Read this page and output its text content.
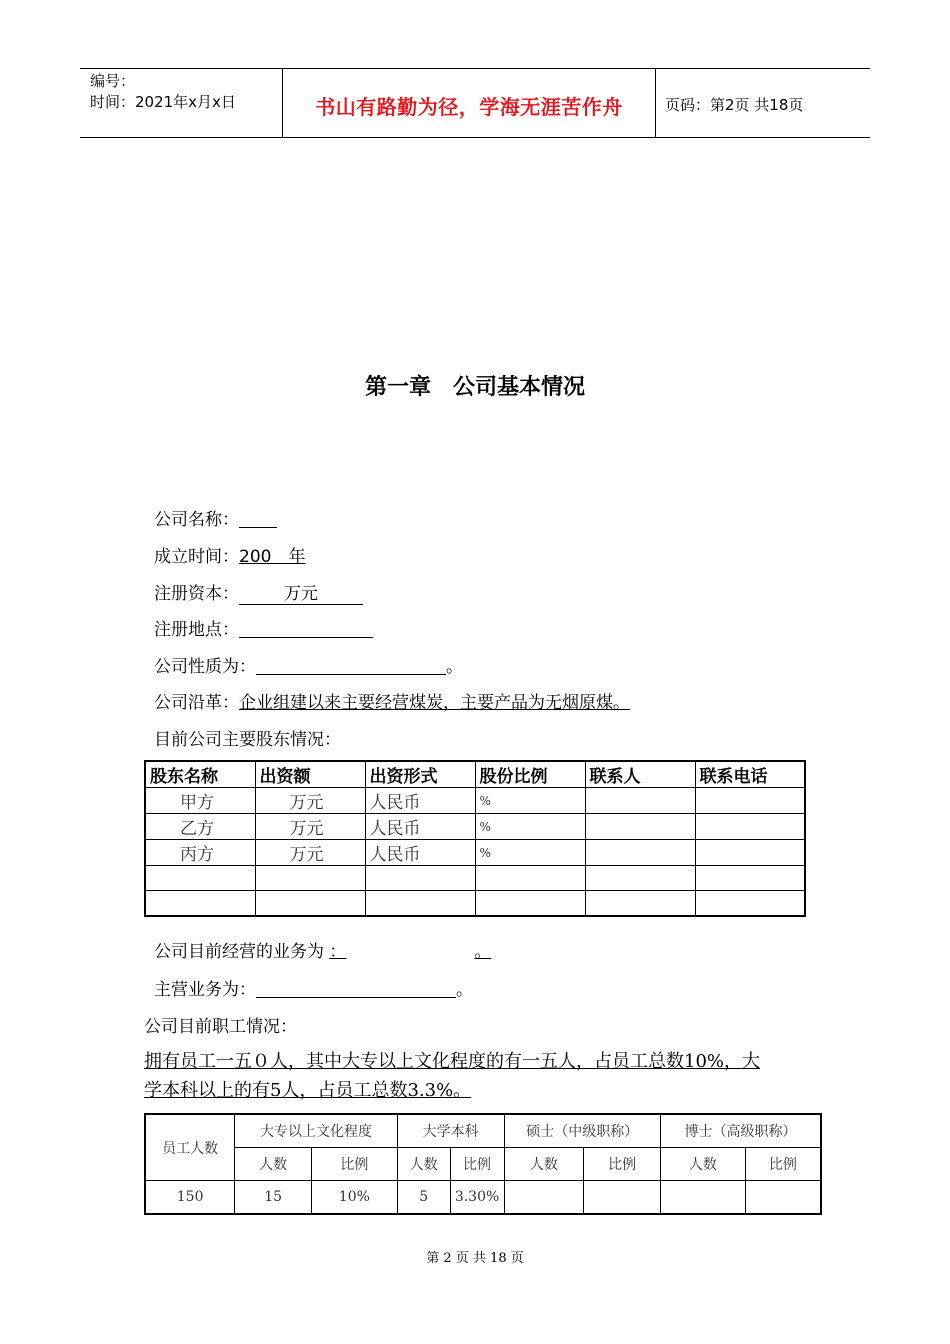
编号：
时间：2021年x月x日	书山有路勤为径，学海无涯苦作舟	页码：第2页 共18页
第一章　公司基本情况
公司名称：
成立时间：200　年
注册资本：	万元
注册地点：
公司性质为：	。
公司沿革：企业组建以来主要经营煤炭，主要产品为无烟原煤。
目前公司主要股东情况：
股东名称	出资额	出资形式	股份比例	联系人	联系电话
甲方	万元	人民币	%		
乙方	万元	人民币	%		
丙方	万元	人民币	%		

公司目前经营的业务为 ：	。
主营业务为：	。
公司目前职工情况：
拥有员工一五０人，其中大专以上文化程度的有一五人，占员工总数10%，大
学本科以上的有5人，占员工总数3.3%。
员工人数	大专以上文化程度		大学本科		硕士（中级职称）		博士（高级职称）	
	人数	比例	人数	比例	人数	比例	人数	比例
150	15	10%	5	3.30%				
第 2 页 共 18 页
